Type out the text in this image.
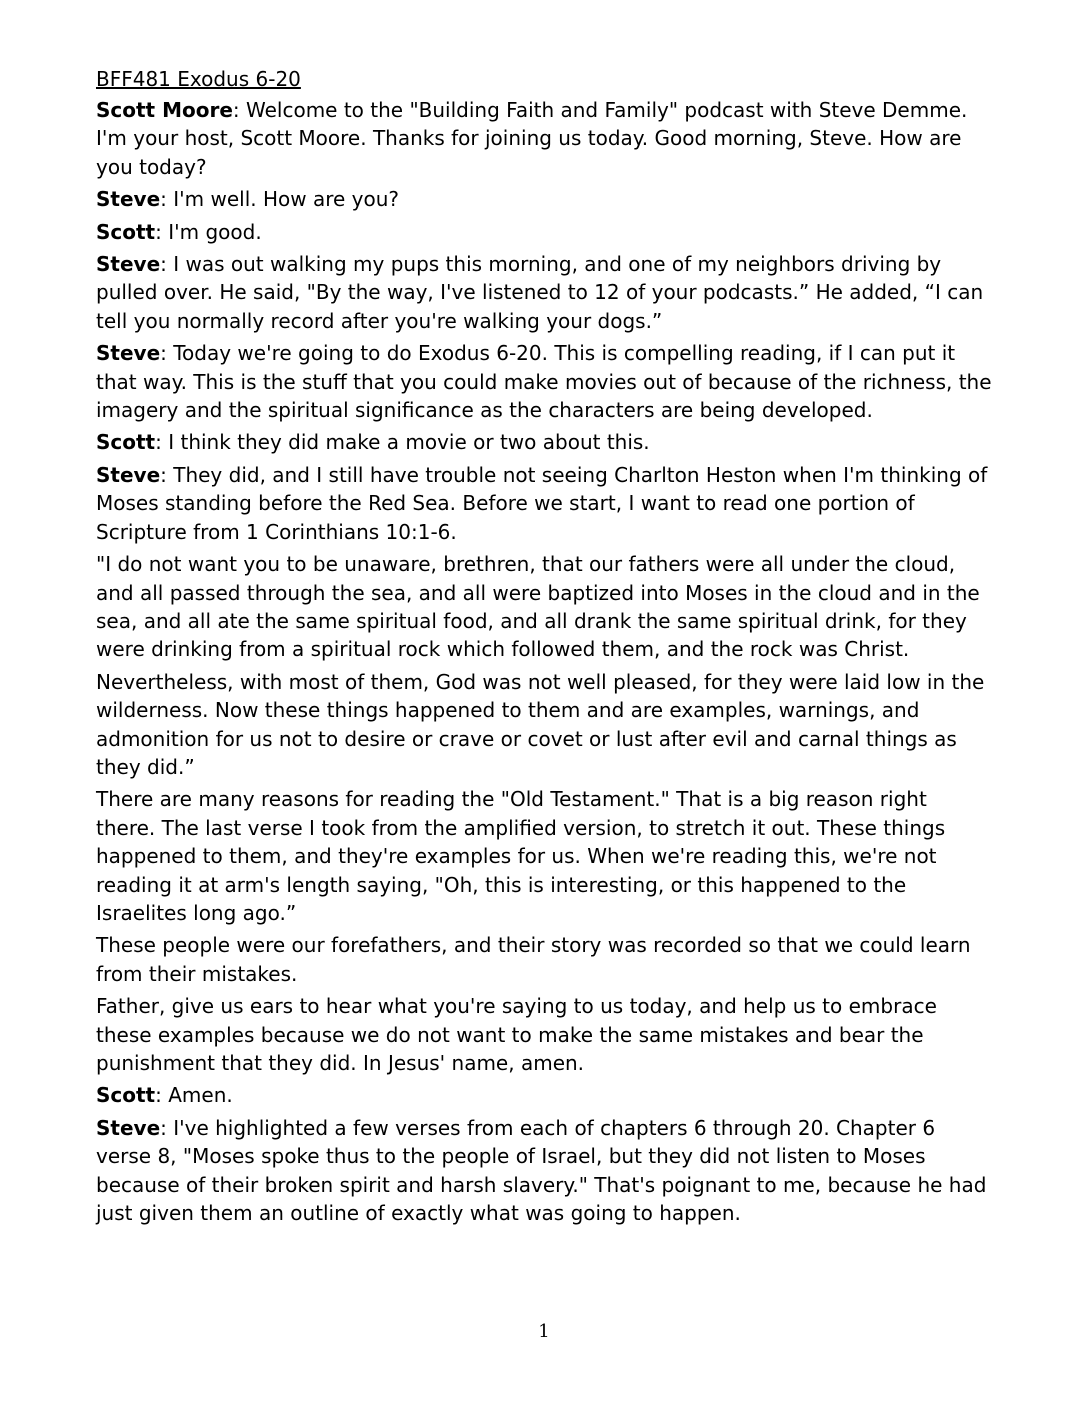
BFF481 Exodus 6-20

Scott Moore: Welcome to the "Building Faith and Family" podcast with Steve Demme. I'm your host, Scott Moore. Thanks for joining us today. Good morning, Steve. How are you today?

Steve: I'm well. How are you?

Scott: I'm good.

Steve: I was out walking my pups this morning, and one of my neighbors driving by pulled over. He said, "By the way, I've listened to 12 of your podcasts.” He added, “I can tell you normally record after you're walking your dogs.”

Steve: Today we're going to do Exodus 6-20. This is compelling reading, if I can put it that way. This is the stuff that you could make movies out of because of the richness, the imagery and the spiritual significance as the characters are being developed.

Scott: I think they did make a movie or two about this.

Steve: They did, and I still have trouble not seeing Charlton Heston when I'm thinking of Moses standing before the Red Sea. Before we start, I want to read one portion of Scripture from 1 Corinthians 10:1-6.

"I do not want you to be unaware, brethren, that our fathers were all under the cloud, and all passed through the sea, and all were baptized into Moses in the cloud and in the sea, and all ate the same spiritual food, and all drank the same spiritual drink, for they were drinking from a spiritual rock which followed them, and the rock was Christ.

Nevertheless, with most of them, God was not well pleased, for they were laid low in the wilderness. Now these things happened to them and are examples, warnings, and admonition for us not to desire or crave or covet or lust after evil and carnal things as they did.”

There are many reasons for reading the "Old Testament." That is a big reason right there. The last verse I took from the amplified version, to stretch it out. These things happened to them, and they're examples for us. When we're reading this, we're not reading it at arm's length saying, "Oh, this is interesting, or this happened to the Israelites long ago.”

These people were our forefathers, and their story was recorded so that we could learn from their mistakes.

Father, give us ears to hear what you're saying to us today, and help us to embrace these examples because we do not want to make the same mistakes and bear the punishment that they did. In Jesus' name, amen.

Scott: Amen.

Steve: I've highlighted a few verses from each of chapters 6 through 20. Chapter 6 verse 8, "Moses spoke thus to the people of Israel, but they did not listen to Moses because of their broken spirit and harsh slavery." That's poignant to me, because he had just given them an outline of exactly what was going to happen.

1
